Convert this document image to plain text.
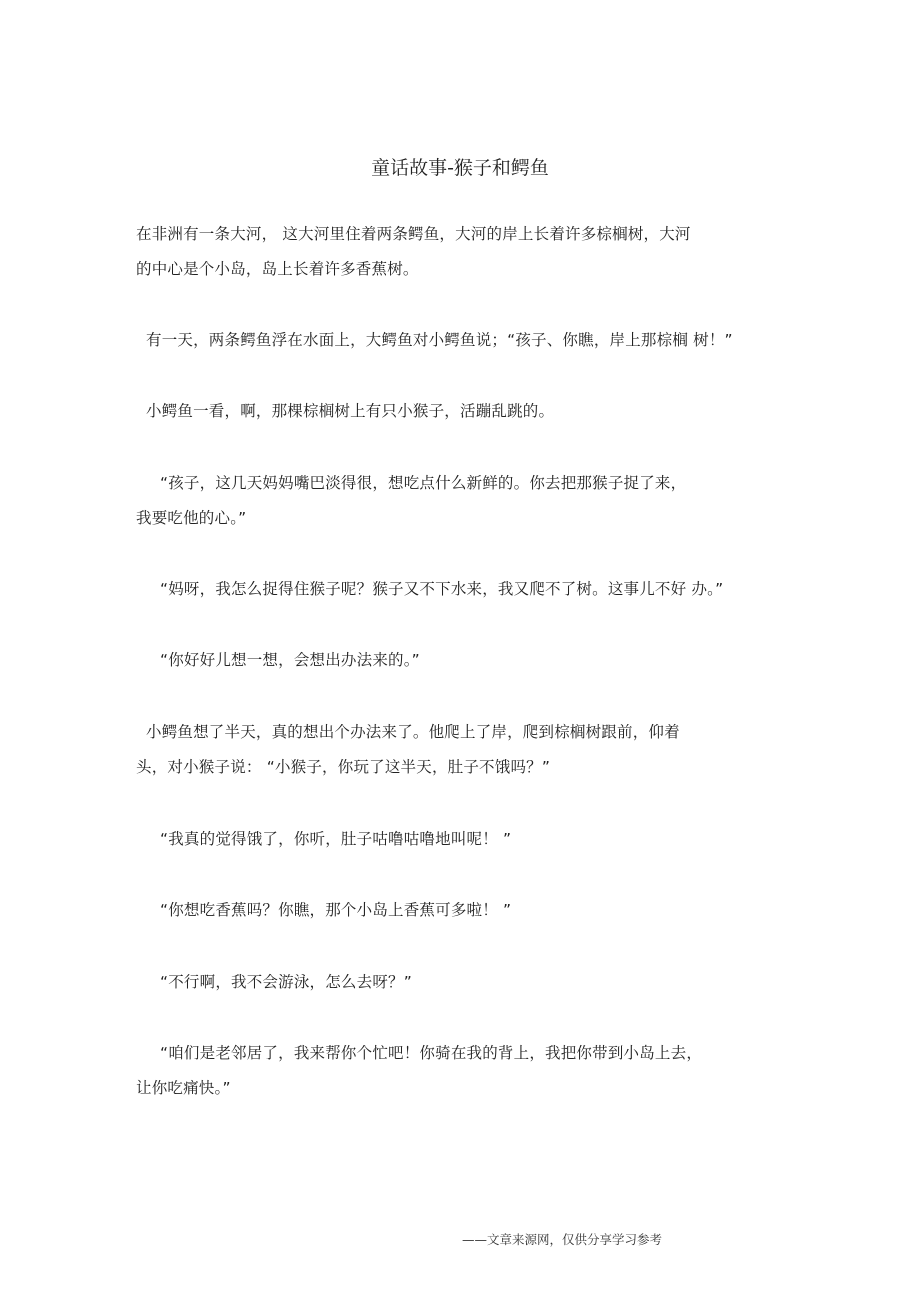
童话故事-猴子和鳄鱼
在非洲有一条大河， 这大河里住着两条鳄鱼，大河的岸上长着许多棕榈树，大河
的中心是个小岛，岛上长着许多香蕉树。
有一天，两条鳄鱼浮在水面上，大鳄鱼对小鳄鱼说；“孩子、你瞧，岸上那棕榈 树！”
小鳄鱼一看，啊，那棵棕榈树上有只小猴子，活蹦乱跳的。
“孩子，这几天妈妈嘴巴淡得很，想吃点什么新鲜的。你去把那猴子捉了来，
我要吃他的心。”
“妈呀，我怎么捉得住猴子呢？猴子又不下水来，我又爬不了树。这事儿不好 办。”
“你好好儿想一想，会想出办法来的。”
小鳄鱼想了半天，真的想出个办法来了。他爬上了岸，爬到棕榈树跟前，仰着
头，对小猴子说： “小猴子，你玩了这半天，肚子不饿吗？”
“我真的觉得饿了，你听，肚子咕噜咕噜地叫呢！ ”
“你想吃香蕉吗？你瞧，那个小岛上香蕉可多啦！ ”
“不行啊，我不会游泳，怎么去呀？”
“咱们是老邻居了，我来帮你个忙吧！你骑在我的背上，我把你带到小岛上去，
让你吃痛快。”
——文章来源网，仅供分享学习参考
